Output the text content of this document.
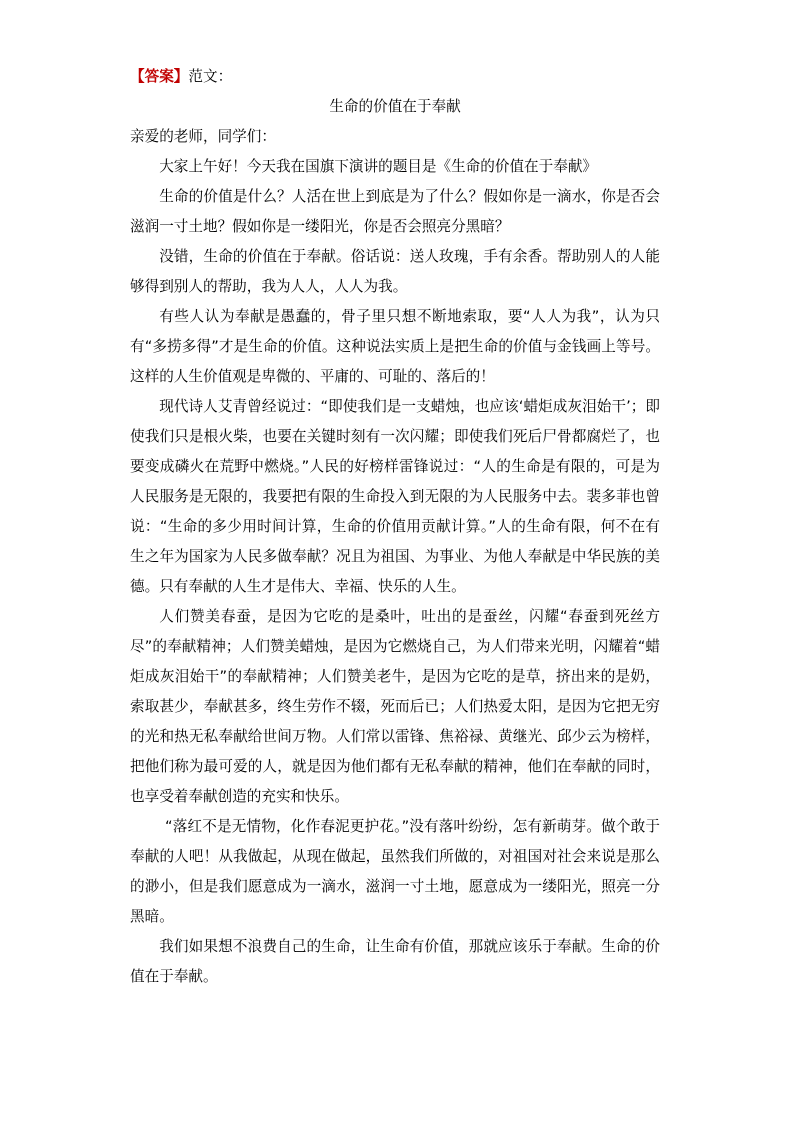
【答案】范文：
生命的价值在于奉献
亲爱的老师，同学们：

大家上午好！今天我在国旗下演讲的题目是《生命的价值在于奉献》

生命的价值是什么？人活在世上到底是为了什么？假如你是一滴水，你是否会滋润一寸土地？假如你是一缕阳光，你是否会照亮分黑暗？

没错，生命的价值在于奉献。俗话说：送人玫瑰，手有余香。帮助别人的人能够得到别人的帮助，我为人人，人人为我。

有些人认为奉献是愚蠢的，骨子里只想不断地索取，要“人人为我”，认为只有“多捞多得”才是生命的价值。这种说法实质上是把生命的价值与金钱画上等号。这样的人生价值观是卑微的、平庸的、可耻的、落后的！

现代诗人艾青曾经说过：“即使我们是一支蜡烛，也应该‘蜡炬成灰泪始干’；即使我们只是根火柴，也要在关键时刻有一次闪耀；即使我们死后尸骨都腐烂了，也要变成磷火在荒野中燃烧。”人民的好榜样雷锋说过：“人的生命是有限的，可是为人民服务是无限的，我要把有限的生命投入到无限的为人民服务中去。裴多菲也曾说：“生命的多少用时间计算，生命的价值用贡献计算。”人的生命有限，何不在有生之年为国家为人民多做奉献？况且为祖国、为事业、为他人奉献是中华民族的美德。只有奉献的人生才是伟大、幸福、快乐的人生。

人们赞美春蚕，是因为它吃的是桑叶，吐出的是蚕丝，闪耀“春蚕到死丝方尽”的奉献精神；人们赞美蜡烛，是因为它燃烧自己，为人们带来光明，闪耀着“蜡炬成灰泪始干”的奉献精神；人们赞美老牛，是因为它吃的是草，挤出来的是奶，索取甚少，奉献甚多，终生劳作不辍，死而后已；人们热爱太阳，是因为它把无穷的光和热无私奉献给世间万物。人们常以雷锋、焦裕禄、黄继光、邱少云为榜样，把他们称为最可爱的人，就是因为他们都有无私奉献的精神，他们在奉献的同时，也享受着奉献创造的充实和快乐。

“落红不是无情物，化作春泥更护花。”没有落叶纷纷，怎有新萌芽。做个敢于奉献的人吧！从我做起，从现在做起，虽然我们所做的，对祖国对社会来说是那么的渺小，但是我们愿意成为一滴水，滋润一寸土地，愿意成为一缕阳光，照亮一分黑暗。

我们如果想不浪费自己的生命，让生命有价值，那就应该乐于奉献。生命的价值在于奉献。
